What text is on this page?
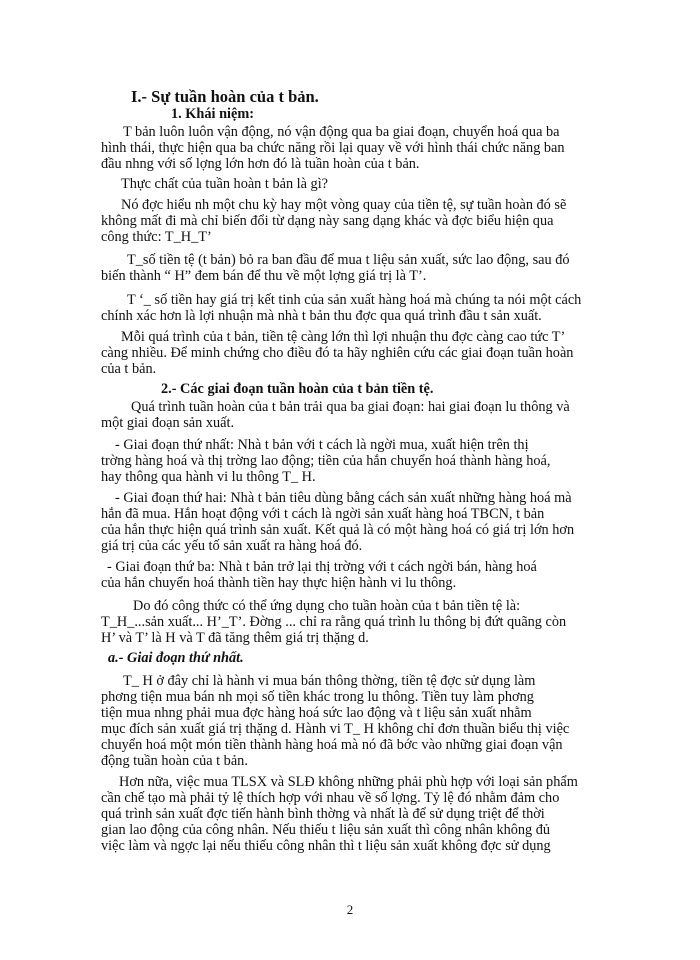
I.- Sự tuần hoàn của t bản.
1. Khái niệm:
T bản luôn luôn vận động, nó vận động qua ba giai đoạn, chuyển hoá qua ba
hình thái, thực hiện qua ba chức năng rồi lại quay về với hình thái chức năng ban
đầu nhng với số lợng lớn hơn đó là tuần hoàn của t bản.
Thực chất của tuần hoàn t bản là gì?
Nó đợc hiểu nh một chu kỳ hay một vòng quay của tiền tệ, sự tuần hoàn đó sẽ
không mất đi mà chỉ biến đổi từ dạng này sang dạng khác và đợc biểu hiện qua
công thức: T_H_T’
T_số tiền tệ (t bản) bỏ ra ban đầu để mua t liệu sản xuất, sức lao động, sau đó
biến thành “ H” đem bán để thu về một lợng giá trị là T’.
T ‘_ số tiền hay giá trị kết tinh của sản xuất hàng hoá mà chúng ta nói một cách
chính xác hơn là lợi nhuận mà nhà t bản thu đợc qua quá trình đầu t sản xuất.
Mỗi quá trình của t bản, tiền tệ càng lớn thì lợi nhuận thu đợc càng cao tức T’
càng nhiều. Để minh chứng cho điều đó ta hãy nghiên cứu các giai đoạn tuần hoàn
của t bản.
2.- Các giai đoạn tuần hoàn của t bản tiền tệ.
Quá trình tuần hoàn của t bản trải qua ba giai đoạn: hai giai đoạn lu thông và
một giai đoạn sản xuất.
- Giai đoạn thứ nhất: Nhà t bản với t cách là ngời mua, xuất hiện trên thị
trờng hàng hoá và thị trờng lao động; tiền của hắn chuyển hoá thành hàng hoá,
hay thông qua hành vi lu thông T_ H.
- Giai đoạn thứ hai: Nhà t bản tiêu dùng bằng cách sản xuất những hàng hoá mà
hắn đã mua. Hắn hoạt động với t cách là ngời sản xuất hàng hoá TBCN, t bản
của hắn thực hiện quá trình sản xuất. Kết quả là có một hàng hoá có giá trị lớn hơn
giá trị của các yếu tố sản xuất ra hàng hoá đó.
- Giai đoạn thứ ba: Nhà t bản trở lại thị trờng với t cách ngời bán, hàng hoá
của hắn chuyển hoá thành tiền hay thực hiện hành vi lu thông.
Do đó công thức có thể ứng dụng cho tuần hoàn của t bản tiền tệ là:
T_H_...sản xuất... H’_T’. Đờng ... chỉ ra rằng quá trình lu thông bị đứt quãng còn
H’ và T’ là H và T đã tăng thêm giá trị thặng d.
a.- Giai đoạn thứ nhất.
T_ H ở đây chỉ là hành vi mua bán thông thờng, tiền tệ đợc sử dụng làm
phơng tiện mua bán nh mọi số tiền khác trong lu thông. Tiền tuy làm phơng
tiện mua nhng phải mua đợc hàng hoá sức lao động và t liệu sản xuất nhằm
mục đích sản xuất giá trị thặng d. Hành vi T_ H không chỉ đơn thuần biểu thị việc
chuyển hoá một món tiền thành hàng hoá mà nó đã bớc vào những giai đoạn vận
động tuần hoàn của t bản.
Hơn nữa, việc mua TLSX và SLĐ không những phải phù hợp với loại sản phẩm
cần chế tạo mà phải tỷ lệ thích hợp với nhau về số lợng. Tỷ lệ đó nhằm đảm cho
quá trình sản xuất đợc tiến hành bình thờng và nhất là để sử dụng triệt để thời
gian lao động của công nhân. Nếu thiếu t liệu sản xuất thì công nhân không đủ
việc làm và ngợc lại nếu thiếu công nhân thì t liệu sản xuất không đợc sử dụng
2
